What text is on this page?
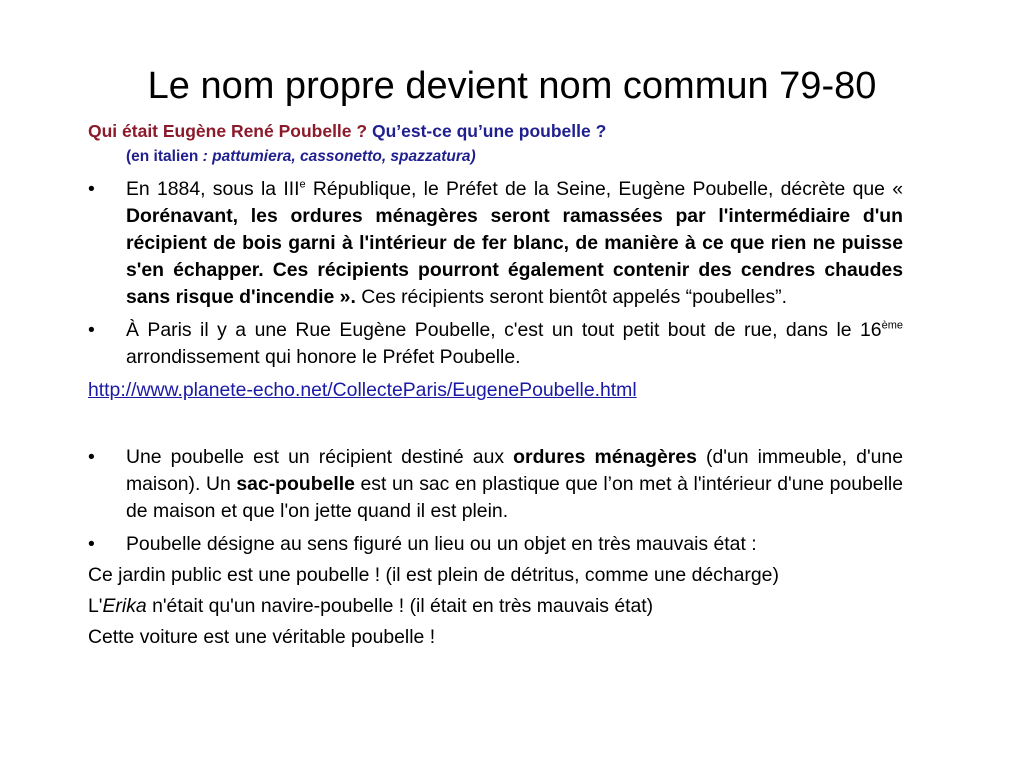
Le nom propre devient nom commun 79-80

Qui était Eugène René Poubelle ? Qu’est-ce qu’une poubelle ?

(en italien : pattumiera, cassonetto, spazzatura)

• En 1884, sous la IIIe République, le Préfet de la Seine, Eugène Poubelle, décrète que « Dorénavant, les ordures ménagères seront ramassées par l'intermédiaire d'un récipient de bois garni à l'intérieur de fer blanc, de manière à ce que rien ne puisse s'en échapper. Ces récipients pourront également contenir des cendres chaudes sans risque d'incendie ». Ces récipients seront bientôt appelés “poubelles”.
• À Paris il y a une Rue Eugène Poubelle, c'est un tout petit bout de rue, dans le 16ème arrondissement qui honore le Préfet Poubelle.
http://www.planete-echo.net/CollecteParis/EugenePoubelle.html
• Une poubelle est un récipient destiné aux ordures ménagères (d'un immeuble, d'une maison). Un sac-poubelle est un sac en plastique que l’on met à l'intérieur d'une poubelle de maison et que l'on jette quand il est plein.
• Poubelle désigne au sens figuré un lieu ou un objet en très mauvais état :

Ce jardin public est une poubelle ! (il est plein de détritus, comme une décharge)

L'Erika n'était qu'un navire-poubelle ! (il était en très mauvais état)

Cette voiture est une véritable poubelle !
